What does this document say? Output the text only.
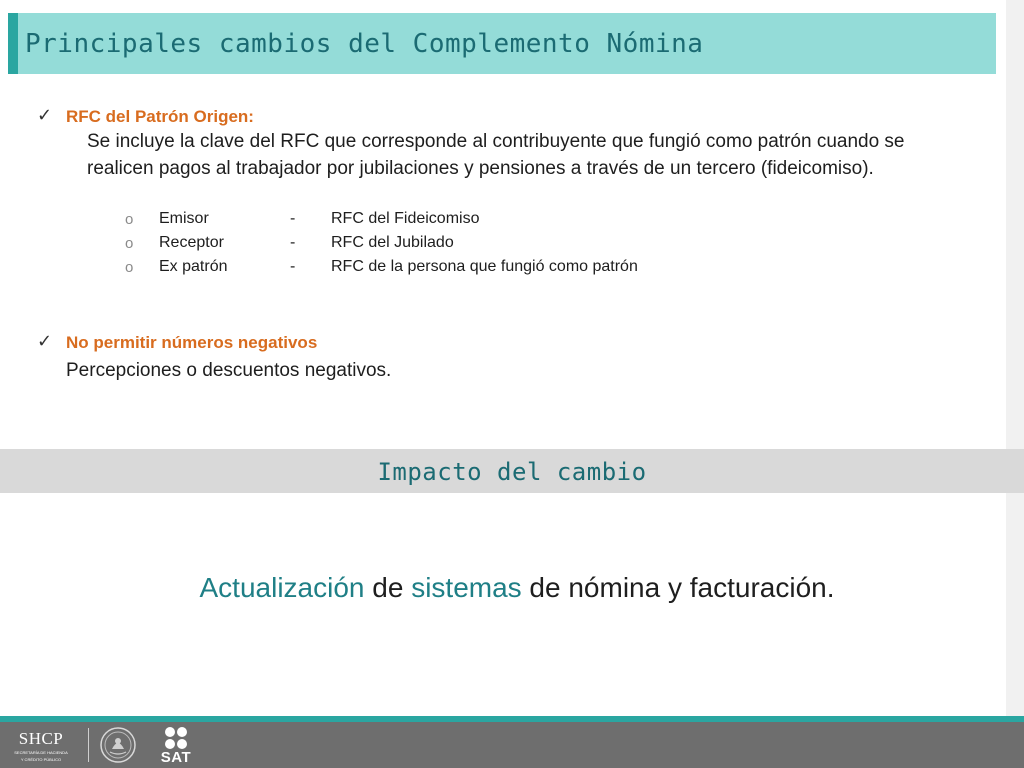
Principales cambios del Complemento Nómina
✓ RFC del Patrón Origen:
Se incluye la clave del RFC que corresponde al contribuyente que fungió como patrón cuando se
realicen pagos al trabajador por jubilaciones y pensiones a través de un tercero (fideicomiso).
o Emisor	- RFC del Fideicomiso
o Receptor	- RFC del Jubilado
o Ex patrón	- RFC de la persona que fungió como patrón
✓ No permitir números negativos
Percepciones o descuentos negativos.
Impacto del cambio
Actualización de sistemas de nómina y facturación.
SHCP
SECRETARÍA DE HACIENDA
Y CRÉDITO PÚBLICO	SAT
